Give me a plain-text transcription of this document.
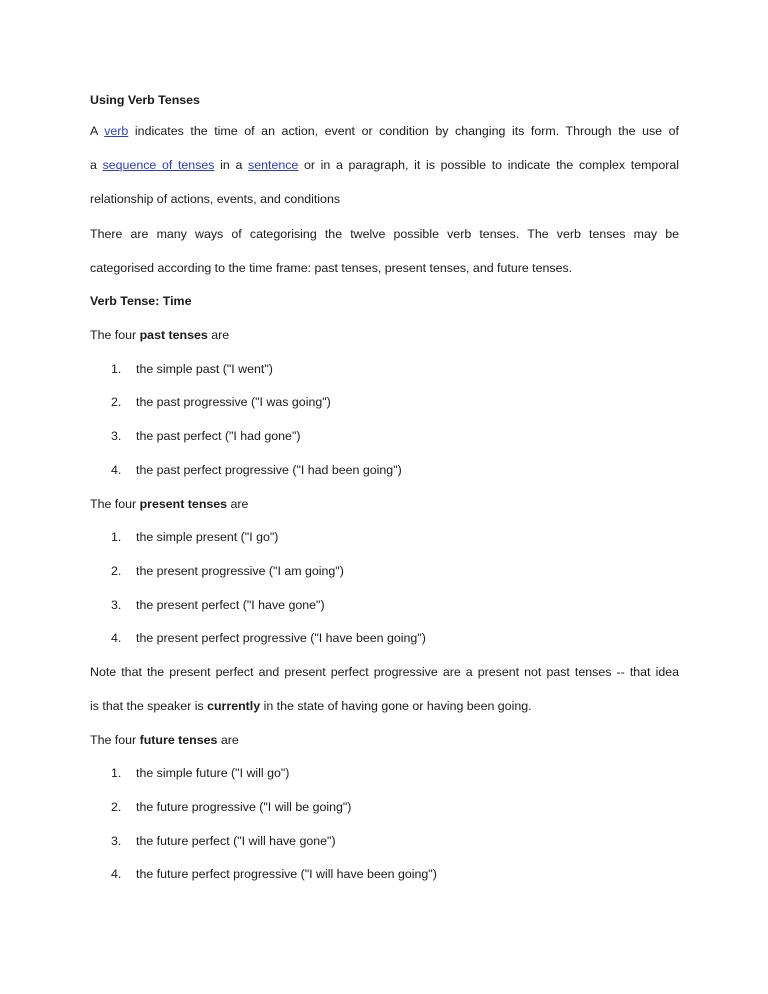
Using Verb Tenses
A verb indicates the time of an action, event or condition by changing its form. Through the use of
a sequence of tenses in a sentence or in a paragraph, it is possible to indicate the complex temporal
relationship of actions, events, and conditions
There are many ways of categorising the twelve possible verb tenses. The verb tenses may be
categorised according to the time frame: past tenses, present tenses, and future tenses.
Verb Tense: Time
The four past tenses are
1. the simple past ("I went")
2. the past progressive ("I was going")
3. the past perfect ("I had gone")
4. the past perfect progressive ("I had been going")
The four present tenses are
1. the simple present ("I go")
2. the present progressive ("I am going")
3. the present perfect ("I have gone")
4. the present perfect progressive ("I have been going")
Note that the present perfect and present perfect progressive are a present not past tenses -- that idea
is that the speaker is currently in the state of having gone or having been going.
The four future tenses are
1. the simple future ("I will go")
2. the future progressive ("I will be going")
3. the future perfect ("I will have gone")
4. the future perfect progressive ("I will have been going")
